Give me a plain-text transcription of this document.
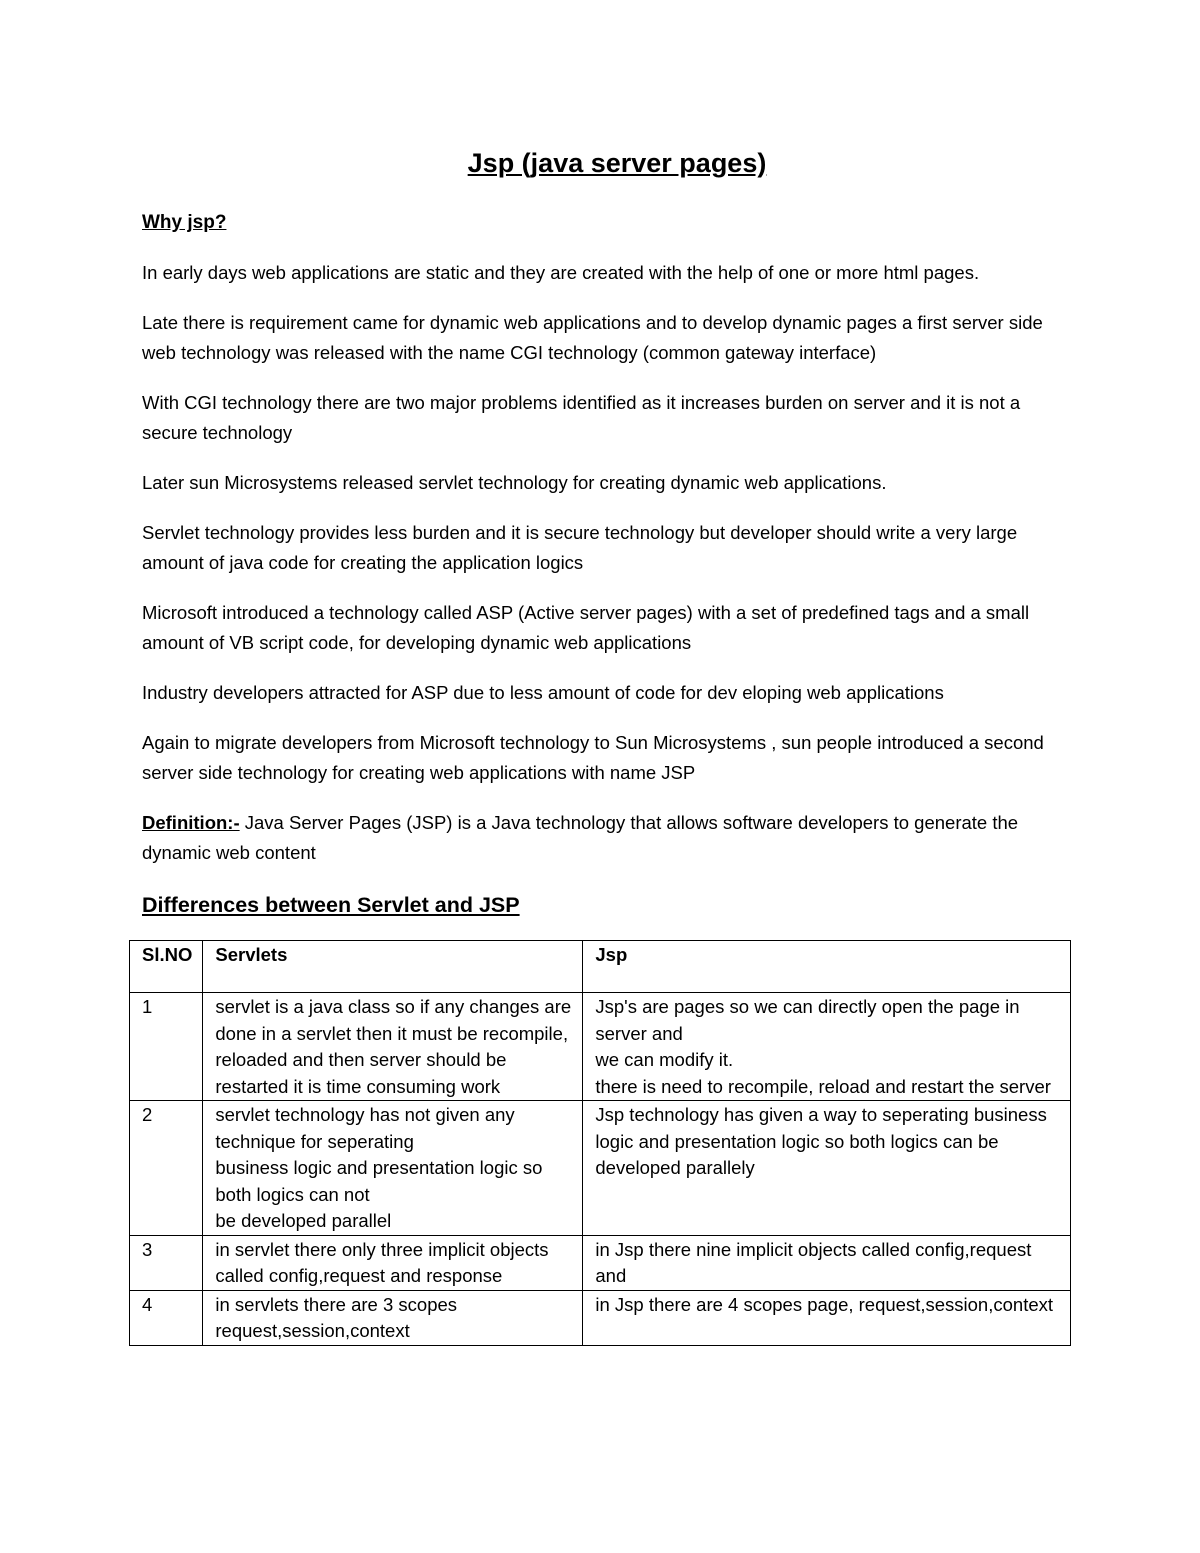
Jsp (java server pages)
Why jsp?

In early days web applications are static and they are created with the help of one or more html pages.

Late there is requirement came for dynamic web applications and to develop dynamic pages a first server side web technology was released with the name CGI technology (common gateway interface)

With CGI technology there are two major problems identified as it increases burden on server and it is not a secure technology

Later sun Microsystems released servlet technology for creating dynamic web applications.

Servlet technology provides less burden and it is secure technology but developer should write a very large amount of java code for creating the application logics

Microsoft introduced a technology called ASP (Active server pages) with a set of predefined tags and a small amount of VB script code, for developing dynamic web applications

Industry developers attracted for ASP due to less amount of code for dev eloping web applications

Again to migrate developers from Microsoft technology to Sun Microsystems , sun people introduced a second server side technology for creating web applications with name JSP

Definition:- Java Server Pages (JSP) is a Java technology that allows software developers to generate the dynamic web content

Differences between Servlet and JSP
Sl.NO	Servlets	Jsp
1	servlet is a java class so if any changes are done in a servlet then it must be recompile, reloaded and then server should be restarted it is time consuming work	Jsp's are pages so we can directly open the page in server and
we can modify it.
there is need to recompile, reload and restart the server

2	servlet technology has not given any technique for seperating
business logic and presentation logic so both logics can not
be developed parallel	Jsp technology has given a way to seperating business logic and presentation logic so both logics can be developed parallely
3	in servlet there only three implicit objects called config,request and response	in Jsp there nine implicit objects called config,request and
4	in servlets there are 3 scopes request,session,context	in Jsp there are 4 scopes page, request,session,context
